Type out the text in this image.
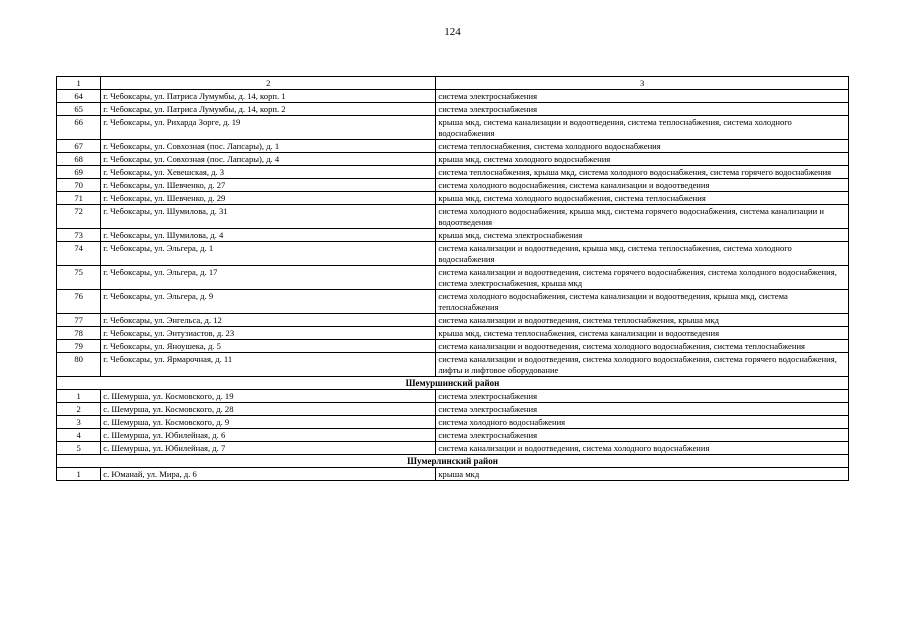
124
1	2	3
64	г. Чебоксары, ул. Патриса Лумумбы, д. 14, корп. 1	система электроснабжения
65	г. Чебоксары, ул. Патриса Лумумбы, д. 14, корп. 2	система электроснабжения
66	г. Чебоксары, ул. Рихарда Зорге, д. 19	крыша мкд, система канализации и водоотведения, система теплоснабжения, система холодного водоснабжения
67	г. Чебоксары, ул. Совхозная (пос. Лапсары), д. 1	система теплоснабжения, система холодного водоснабжения
68	г. Чебоксары, ул. Совхозная (пос. Лапсары), д. 4	крыша мкд, система холодного водоснабжения
69	г. Чебоксары, ул. Хевешская, д. 3	система теплоснабжения, крыша мкд, система холодного водоснабжения, система горячего водоснабжения
70	г. Чебоксары, ул. Шевченко, д. 27	система холодного водоснабжения, система канализации и водоотведения
71	г. Чебоксары, ул. Шевченко, д. 29	крыша мкд, система холодного водоснабжения, система теплоснабжения
72	г. Чебоксары, ул. Шумилова, д. 31	система холодного водоснабжения, крыша мкд, система горячего водоснабжения, система канализации и водоотведения
73	г. Чебоксары, ул. Шумилова, д. 4	крыша мкд, система электроснабжения
74	г. Чебоксары, ул. Эльгера, д. 1	система канализации и водоотведения, крыша мкд, система теплоснабжения, система холодного водоснабжения
75	г. Чебоксары, ул. Эльгера, д. 17	система канализации и водоотведения, система горячего водоснабжения, система холодного водоснабжения, система электроснабжения, крыша мкд
76	г. Чебоксары, ул. Эльгера, д. 9	система холодного водоснабжения, система канализации и водоотведения, крыша мкд, система теплоснабжения
77	г. Чебоксары, ул. Энгельса, д. 12	система канализации и водоотведения, система теплоснабжения, крыша мкд
78	г. Чебоксары, ул. Энтузиастов, д. 23	крыша мкд, система теплоснабжения, система канализации и водоотведения
79	г. Чебоксары, ул. Яноушека, д. 5	система канализации и водоотведения, система холодного водоснабжения, система теплоснабжения
80	г. Чебоксары, ул. Ярмарочная, д. 11	система канализации и водоотведения, система холодного водоснабжения, система горячего водоснабжения, лифты и лифтовое оборудование
Шемуршинский район		
1	с. Шемурша, ул. Космовского, д. 19	система электроснабжения
2	с. Шемурша, ул. Космовского, д. 28	система электроснабжения
3	с. Шемурша, ул. Космовского, д. 9	система холодного водоснабжения
4	с. Шемурша, ул. Юбилейная, д. 6	система электроснабжения
5	с. Шемурша, ул. Юбилейная, д. 7	система канализации и водоотведения, система холодного водоснабжения
Шумерлинский район		
1	с. Юманай, ул. Мира, д. 6	крыша мкд
